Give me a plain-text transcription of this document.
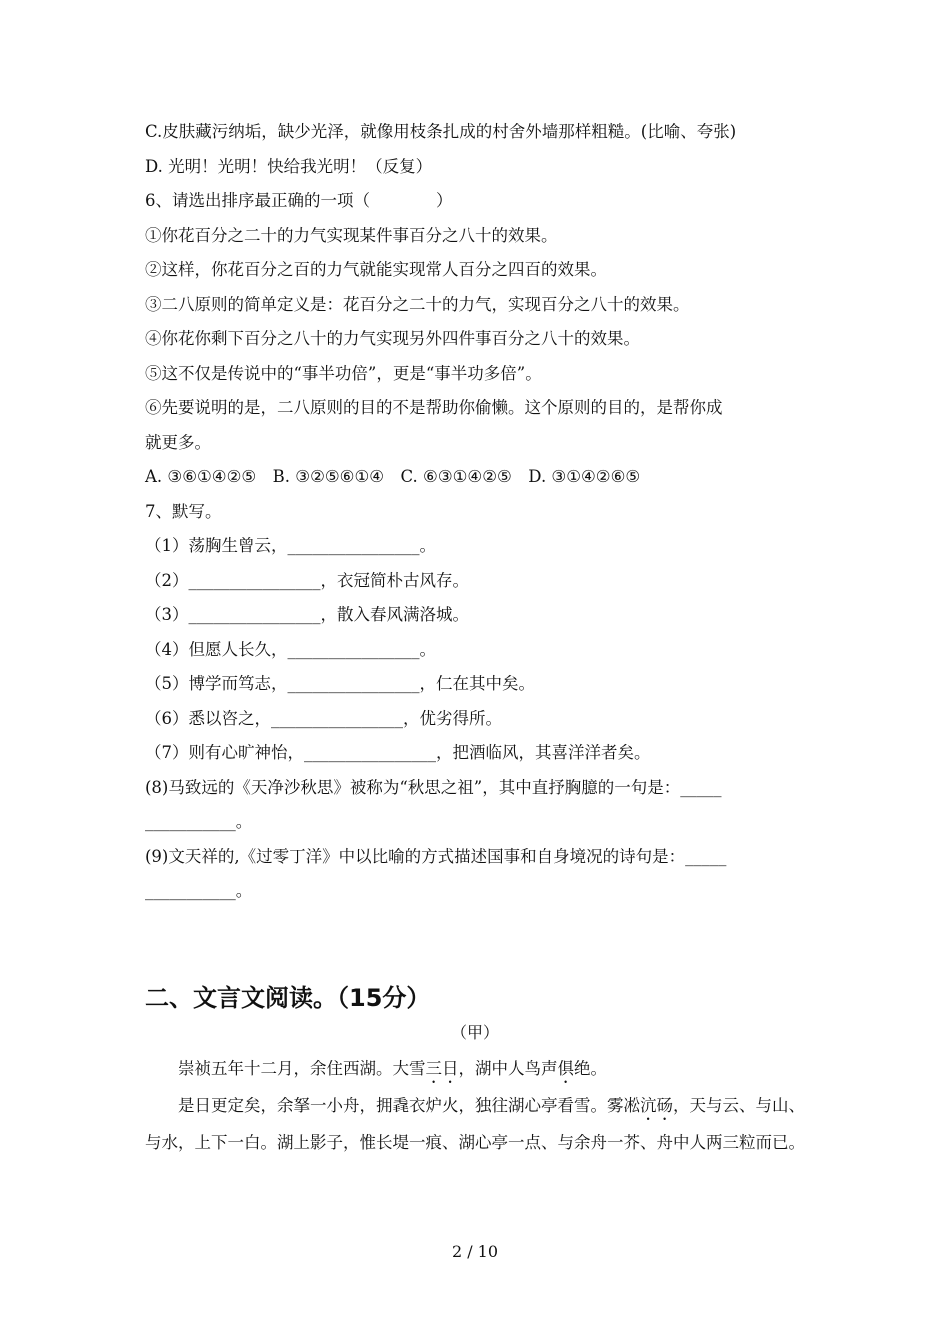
C.皮肤藏污纳垢，缺少光泽，就像用枝条扎成的村舍外墙那样粗糙。(比喻、夸张)
D. 光明！光明！快给我光明！（反复）
6、请选出排序最正确的一项（　　　　）
①你花百分之二十的力气实现某件事百分之八十的效果。
②这样，你花百分之百的力气就能实现常人百分之四百的效果。
③二八原则的简单定义是：花百分之二十的力气，实现百分之八十的效果。
④你花你剩下百分之八十的力气实现另外四件事百分之八十的效果。
⑤这不仅是传说中的“事半功倍”，更是“事半功多倍”。
⑥先要说明的是，二八原则的目的不是帮助你偷懒。这个原则的目的，是帮你成
就更多。
A. ③⑥①④②⑤　B. ③②⑤⑥①④　C. ⑥③①④②⑤　D. ③①④②⑥⑤
7、默写。
（1）荡胸生曾云，________________。
（2）________________，衣冠简朴古风存。
（3）________________，散入春风满洛城。
（4）但愿人长久，________________。
（5）博学而笃志，________________，仁在其中矣。
（6）悉以咨之，________________，优劣得所。
（7）则有心旷神怡，________________，把酒临风，其喜洋洋者矣。
(8)马致远的《天净沙秋思》被称为“秋思之祖”，其中直抒胸臆的一句是：_____
___________。
(9)文天祥的,《过零丁洋》中以比喻的方式描述国事和自身境况的诗句是：_____
___________。
二、文言文阅读。（15分）
（甲）

崇祯五年十二月，余住西湖。大雪三日，湖中人鸟声俱绝。

是日更定矣，余拏一小舟，拥毳衣炉火，独往湖心亭看雪。雾凇沆砀，天与云、与山、与水，上下一白。湖上影子，惟长堤一痕、湖心亭一点、与余舟一芥、舟中人两三粒而已。

2 / 10
